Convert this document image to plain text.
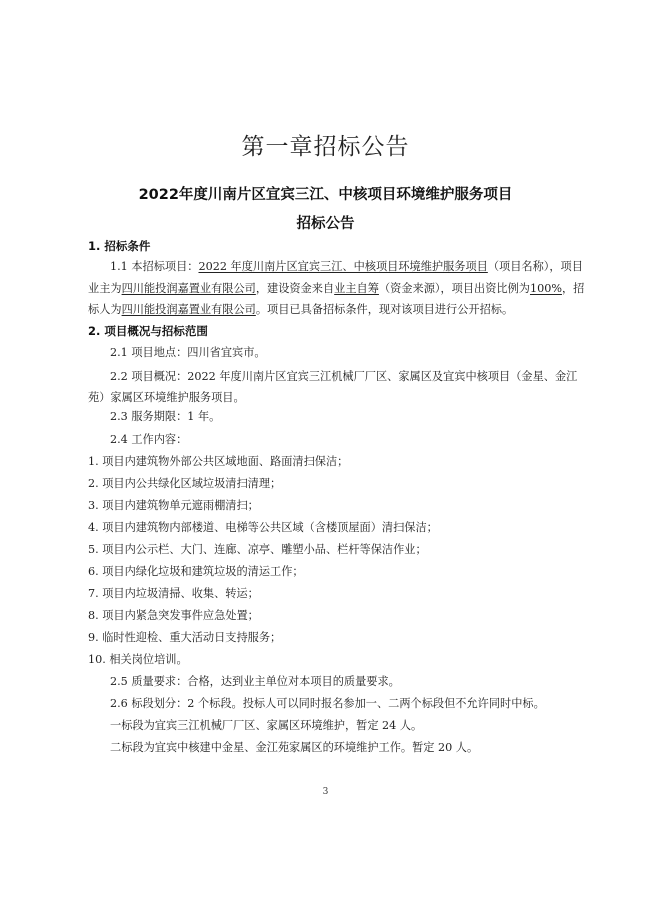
第一章招标公告
2022年度川南片区宜宾三江、中核项目环境维护服务项目
招标公告
1. 招标条件
1.1 本招标项目：2022 年度川南片区宜宾三江、中核项目环境维护服务项目（项目名称），项目
业主为四川能投润嘉置业有限公司，建设资金来自业主自筹（资金来源），项目出资比例为100%，招
标人为四川能投润嘉置业有限公司。项目已具备招标条件，现对该项目进行公开招标。
2. 项目概况与招标范围
2.1 项目地点：四川省宜宾市。
2.2 项目概况：2022 年度川南片区宜宾三江机械厂厂区、家属区及宜宾中核项目（金星、金江
苑）家属区环境维护服务项目。
2.3 服务期限：1 年。
2.4 工作内容：
1. 项目内建筑物外部公共区域地面、路面清扫保洁；
2. 项目内公共绿化区域垃圾清扫清理；
3. 项目内建筑物单元遮雨棚清扫；
4. 项目内建筑物内部楼道、电梯等公共区域（含楼顶屋面）清扫保洁；
5. 项目内公示栏、大门、连廊、凉亭、雕塑小品、栏杆等保洁作业；
6. 项目内绿化垃圾和建筑垃圾的清运工作；
7. 项目内垃圾清掃、收集、转运；
8. 项目内紧急突发事件应急处置；
9. 临时性迎检、重大活动日支持服务；
10. 相关岗位培训。
2.5 质量要求：合格，达到业主单位对本项目的质量要求。
2.6 标段划分：2 个标段。投标人可以同时报名参加一、二两个标段但不允许同时中标。
一标段为宜宾三江机械厂厂区、家属区环境维护，暂定 24 人。
二标段为宜宾中核建中金星、金江苑家属区的环境维护工作。暂定 20 人。
3
